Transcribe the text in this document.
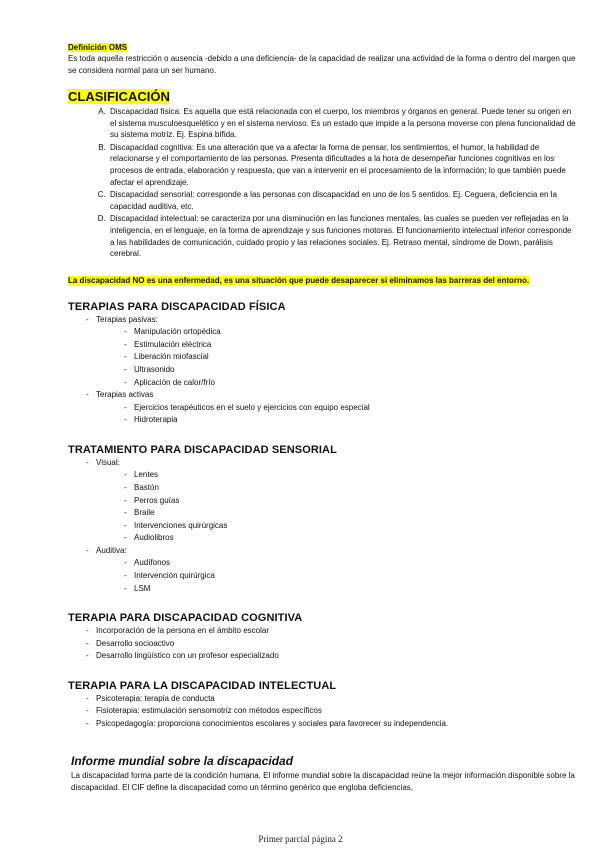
Definición OMS

Es toda aquella restricción o ausencia -debido a una deficiencia- de la capacidad de realizar una actividad de la forma o dentro del margen que se considera normal para un ser humano.

CLASIFICACIÓN
A. Discapacidad física: Es aquella que está relacionada con el cuerpo, los miembros y órganos en general. Puede tener su origen en el sistema musculoesquelético y en el sistema nervioso. Es un estado que impide a la persona moverse con plena funcionalidad de su sistema motriz. Ej. Espina bífida.
B. Discapacidad cognitiva: Es una alteración que va a afectar la forma de pensar, los sentimientos, el humor, la habilidad de relacionarse y el comportamiento de las personas. Presenta dificultades a la hora de desempeñar funciones cognitivas en los procesos de entrada, elaboración y respuesta, que van a intervenir en el procesamiento de la información; lo que también puede afectar el aprendizaje.
C. Discapacidad sensorial: corresponde a las personas con discapacidad en uno de los 5 sentidos. Ej. Ceguera, deficiencia en la capacidad auditiva, etc.
D. Discapacidad intelectual: se caracteriza por una disminución en las funciones mentales, las cuales se pueden ver reflejadas en la inteligencia, en el lenguaje, en la forma de aprendizaje y sus funciones motoras. El funcionamiento intelectual inferior corresponde a las habilidades de comunicación, cuidado propio y las relaciones sociales. Ej. Retraso mental, síndrome de Down, parálisis cerebral.
La discapacidad NO es una enfermedad, es una situación que puede desaparecer si eliminamos las barreras del entorno.
TERAPIAS PARA DISCAPACIDAD FÍSICA
- Terapias pasivas:
- Manipulación ortopédica
- Estimulación eléctrica
- Liberación miofascial
- Ultrasonido
- Aplicación de calor/frío
- Terapias activas
- Ejercicios terapéuticos en el suelo y ejercicios con equipo especial
- Hidroterapia
TRATAMIENTO PARA DISCAPACIDAD SENSORIAL
- Visual:
- Lentes
- Bastón
- Perros guías
- Braile
- Intervenciones quirúrgicas
- Audiolibros
- Auditiva:
- Audífonos
- Intervención quirúrgica
- LSM
TERAPIA PARA DISCAPACIDAD COGNITIVA
- Incorporación de la persona en el ámbito escolar
- Desarrollo socioactivo
- Desarrollo lingüístico con un profesor especializado
TERAPIA PARA LA DISCAPACIDAD INTELECTUAL
- Psicoterapia: terapia de conducta
- Fisioterapia: estimulación sensomotriz con métodos específicos
- Psicopedagogía: proporciona conocimientos escolares y sociales para favorecer su independencia.
Informe mundial sobre la discapacidad

La discapacidad forma parte de la condición humana. El informe mundial sobre la discapacidad reúne la mejor información disponible sobre la discapacidad. El CIF define la discapacidad como un término genérico que engloba deficiencias,

Primer parcial página 2
